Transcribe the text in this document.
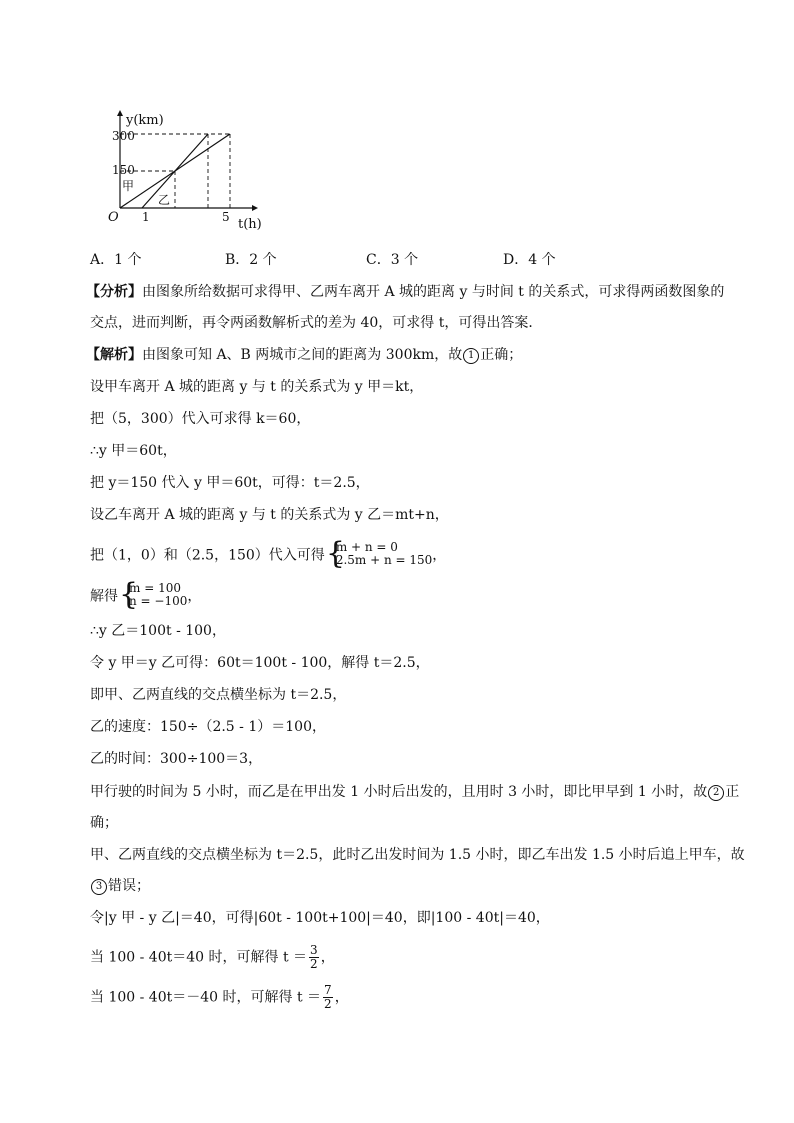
y(km)
300
150
甲
乙
O 1	5 t(h)
A．1 个	B．2 个	C．3 个	D．4 个
【分析】由图象所给数据可求得甲、乙两车离开 A 城的距离 y 与时间 t 的关系式，可求得两函数图象的
交点，进而判断，再令两函数解析式的差为 40，可求得 t，可得出答案．
【解析】由图象可知 A、B 两城市之间的距离为 300km，故 1 正确；
设甲车离开 A 城的距离 y 与 t 的关系式为 y 甲＝kt，
把（5，300）代入可求得 k＝60，
∴y 甲＝60t，
把 y＝150 代入 y 甲＝60t，可得：t＝2.5，
设乙车离开 A 城的距离 y 与 t 的关系式为 y 乙＝mt+n，
把（1，0）和（2.5，150）代入可得 {
m + n = 0
2.5m + n = 150 ，
解得 {
m = 100
n = −100 ，
∴y 乙＝100t - 100，
令 y 甲＝y 乙可得：60t＝100t - 100，解得 t＝2.5，
即甲、乙两直线的交点横坐标为 t＝2.5，
乙的速度：150÷（2.5 - 1）＝100，
乙的时间：300÷100＝3，
甲行驶的时间为 5 小时，而乙是在甲出发 1 小时后出发的，且用时 3 小时，即比甲早到 1 小时，故 2 正
确；
甲、乙两直线的交点横坐标为 t＝2.5，此时乙出发时间为 1.5 小时，即乙车出发 1.5 小时后追上甲车，故
3 错误；
令|y 甲 - y 乙|＝40，可得|60t - 100t+100|＝40，即|100 - 40t|＝40，
当 100 - 40t＝40 时，可解得 $t = \frac{3}{2}$ ，
当 100 - 40t＝－40 时，可解得 $t = \frac{7}{2}$ ，
